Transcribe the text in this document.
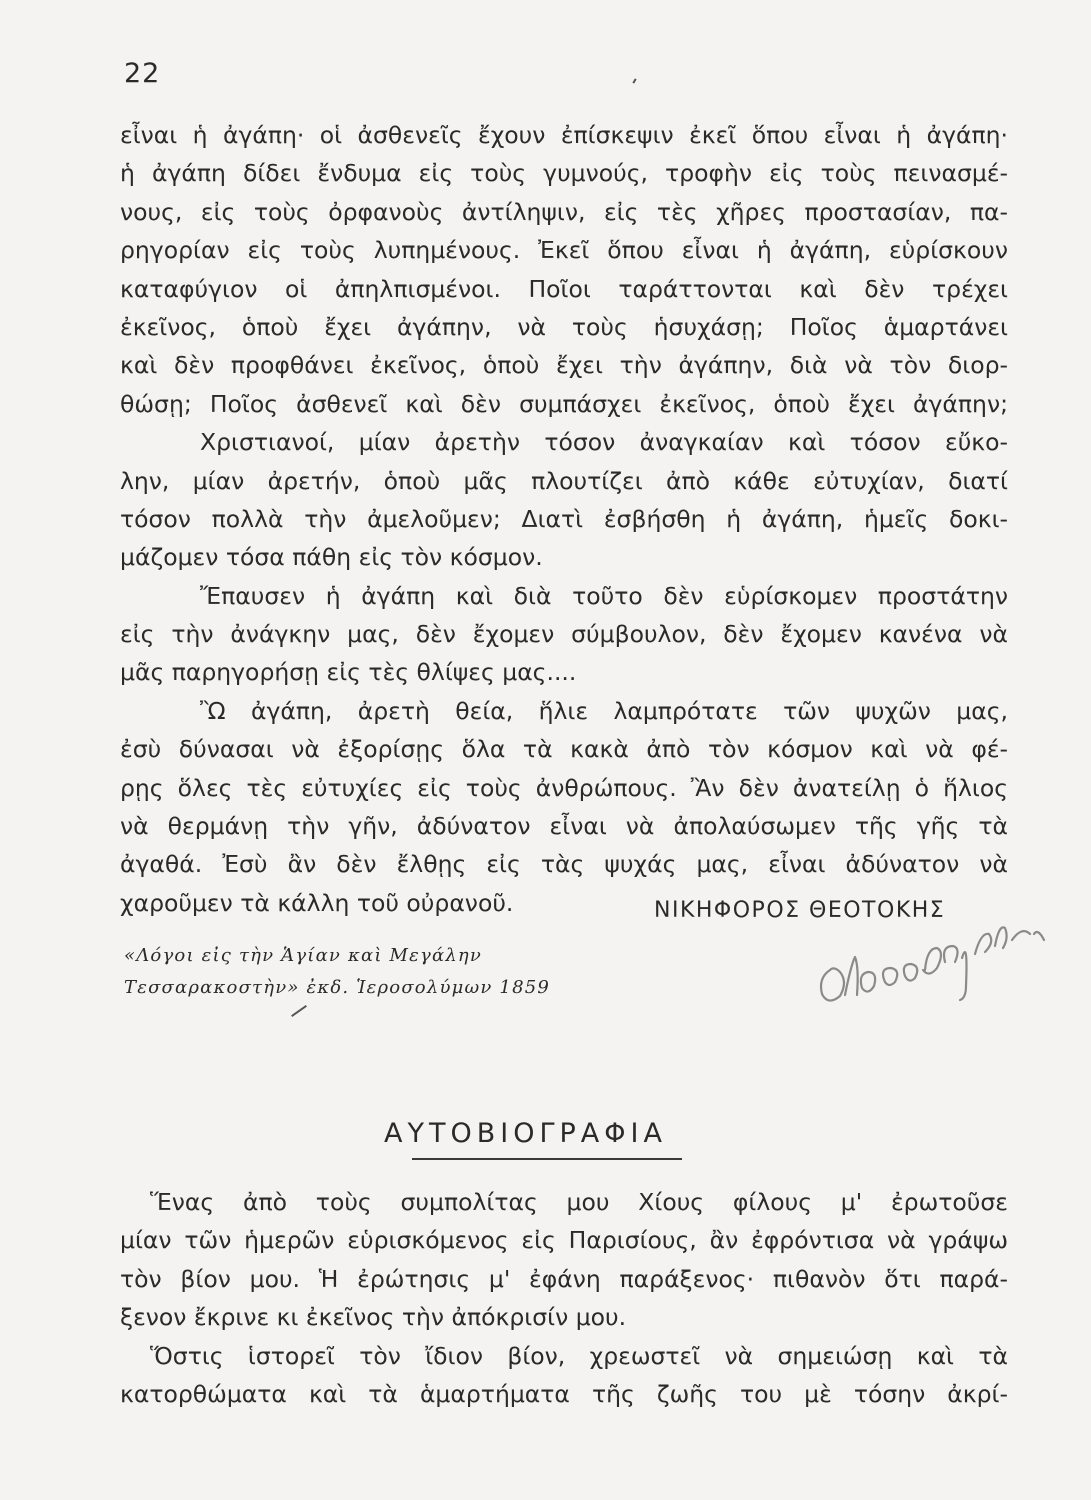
22
εἶναι ἡ ἀγάπη· οἱ ἀσθενεῖς ἔχουν ἐπίσκεψιν ἐκεῖ ὅπου εἶναι ἡ ἀγάπη·
ἡ ἀγάπη δίδει ἔνδυμα εἰς τοὺς γυμνούς, τροφὴν εἰς τοὺς πεινασμέ-
νους, εἰς τοὺς ὀρφανοὺς ἀντίληψιν, εἰς τὲς χῆρες προστασίαν, πα-
ρηγορίαν εἰς τοὺς λυπημένους. Ἐκεῖ ὅπου εἶναι ἡ ἀγάπη, εὑρίσκουν
καταφύγιον οἱ ἀπηλπισμένοι. Ποῖοι ταράττονται καὶ δὲν τρέχει
ἐκεῖνος, ὁποὺ ἔχει ἀγάπην, νὰ τοὺς ἡσυχάσῃ; Ποῖος ἁμαρτάνει
καὶ δὲν προφθάνει ἐκεῖνος, ὁποὺ ἔχει τὴν ἀγάπην, διὰ νὰ τὸν διορ-
θώσῃ; Ποῖος ἀσθενεῖ καὶ δὲν συμπάσχει ἐκεῖνος, ὁποὺ ἔχει ἀγάπην;
Χριστιανοί, μίαν ἀρετὴν τόσον ἀναγκαίαν καὶ τόσον εὔκο-
λην, μίαν ἀρετήν, ὁποὺ μᾶς πλουτίζει ἀπὸ κάθε εὐτυχίαν, διατί
τόσον πολλὰ τὴν ἀμελοῦμεν; Διατὶ ἐσβήσθη ἡ ἀγάπη, ἡμεῖς δοκι-
μάζομεν τόσα πάθη εἰς τὸν κόσμον.
Ἔπαυσεν ἡ ἀγάπη καὶ διὰ τοῦτο δὲν εὑρίσκομεν προστάτην
εἰς τὴν ἀνάγκην μας, δὲν ἔχομεν σύμβουλον, δὲν ἔχομεν κανένα νὰ
μᾶς παρηγορήσῃ εἰς τὲς θλίψες μας....
Ὢ ἀγάπη, ἀρετὴ θεία, ἥλιε λαμπρότατε τῶν ψυχῶν μας,
ἐσὺ δύνασαι νὰ ἐξορίσῃς ὅλα τὰ κακὰ ἀπὸ τὸν κόσμον καὶ νὰ φέ-
ρῃς ὅλες τὲς εὐτυχίες εἰς τοὺς ἀνθρώπους. Ἂν δὲν ἀνατείλῃ ὁ ἥλιος
νὰ θερμάνῃ τὴν γῆν, ἀδύνατον εἶναι νὰ ἀπολαύσωμεν τῆς γῆς τὰ
ἀγαθά. Ἐσὺ ἂν δὲν ἔλθῃς εἰς τὰς ψυχάς μας, εἶναι ἀδύνατον νὰ
χαροῦμεν τὰ κάλλη τοῦ οὐρανοῦ.	ΝΙΚΗΦΟΡΟΣ ΘΕΟΤΟΚΗΣ
«Λόγοι εἰς τὴν Ἁγίαν καὶ Μεγάλην
Τεσσαρακοστὴν» ἐκδ. Ἱεροσολύμων 1859
ΑΥΤΟΒΙΟΓΡΑΦΙΑ
Ἕνας ἀπὸ τοὺς συμπολίτας μου Χίους φίλους μ' ἐρωτοῦσε
μίαν τῶν ἡμερῶν εὑρισκόμενος εἰς Παρισίους, ἂν ἐφρόντισα νὰ γράψω
τὸν βίον μου. Ἡ ἐρώτησις μ' ἐφάνη παράξενος· πιθανὸν ὅτι παρά-
ξενον ἔκρινε κι ἐκεῖνος τὴν ἀπόκρισίν μου.
Ὅστις ἱστορεῖ τὸν ἴδιον βίον, χρεωστεῖ νὰ σημειώσῃ καὶ τὰ
κατορθώματα καὶ τὰ ἁμαρτήματα τῆς ζωῆς του μὲ τόσην ἀκρί-
